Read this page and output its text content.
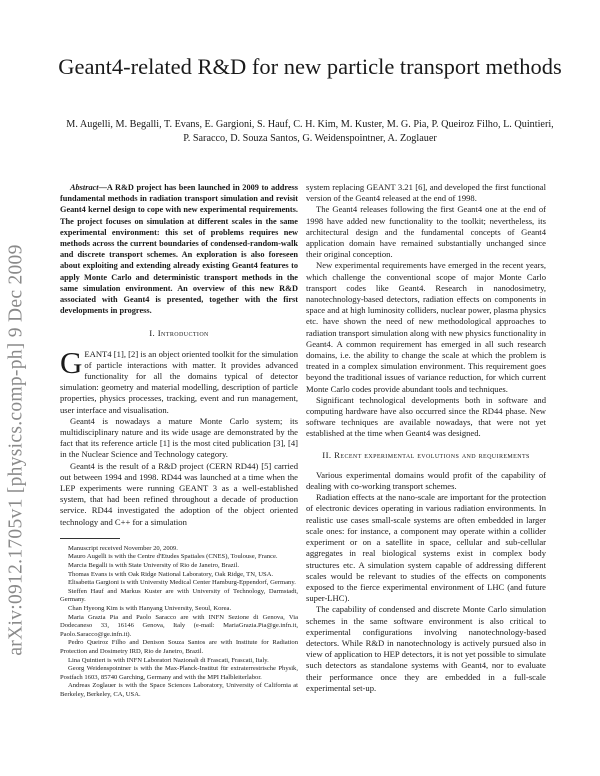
arXiv:0912.1705v1 [physics.comp-ph] 9 Dec 2009
Geant4-related R&D for new particle transport methods

M. Augelli, M. Begalli, T. Evans, E. Gargioni, S. Hauf, C. H. Kim, M. Kuster, M. G. Pia, P. Queiroz Filho, L. Quintieri, P. Saracco, D. Souza Santos, G. Weidenspointner, A. Zoglauer

Abstract—A R&D project has been launched in 2009 to address fundamental methods in radiation transport simulation and revisit Geant4 kernel design to cope with new experimental requirements. The project focuses on simulation at different scales in the same experimental environment: this set of problems requires new methods across the current boundaries of condensed-random-walk and discrete transport schemes. An exploration is also foreseen about exploiting and extending already existing Geant4 features to apply Monte Carlo and deterministic transport methods in the same simulation environment. An overview of this new R&D associated with Geant4 is presented, together with the first developments in progress.

I. Introduction

GEANT4 [1], [2] is an object oriented toolkit for the simulation of particle interactions with matter. It provides advanced functionality for all the domains typical of detector simulation: geometry and material modelling, description of particle properties, physics processes, tracking, event and run management, user interface and visualisation.

Geant4 is nowadays a mature Monte Carlo system; its multidisciplinary nature and its wide usage are demonstrated by the fact that its reference article [1] is the most cited publication [3], [4] in the Nuclear Science and Technology category.

Geant4 is the result of a R&D project (CERN RD44) [5] carried out between 1994 and 1998. RD44 was launched at a time when the LEP experiments were running GEANT 3 as a well-established system, that had been refined throughout a decade of production service. RD44 investigated the adoption of the object oriented technology and C++ for a simulation

Manuscript received November 20, 2009.

Mauro Augelli is with the Centre d'Etudes Spatiales (CNES), Toulouse, France.

Marcia Begalli is with State University of Rio de Janeiro, Brazil.

Thomas Evans is with Oak Ridge National Laboratory, Oak Ridge, TN, USA.

Elisabetta Gargioni is with University Medical Center Hamburg-Eppendorf, Germany.

Steffen Hauf and Markus Kuster are with University of Technology, Darmstadt, Germany.

Chan Hyeong Kim is with Hanyang University, Seoul, Korea.

Maria Grazia Pia and Paolo Saracco are with INFN Sezione di Genova, Via Dodecaneso 33, 16146 Genova, Italy (e-mail: MariaGrazia.Pia@ge.infn.it, Paolo.Saracco@ge.infn.it).

Pedro Queiroz Filho and Denison Souza Santos are with Institute for Radiation Protection and Dosimetry IRD, Rio de Janeiro, Brazil.

Lina Quintieri is with INFN Laboratori Nazionali di Frascati, Frascati, Italy.

Georg Weidenspointner is with the Max-Planck-Institut für extraterrestrische Physik, Postfach 1603, 85740 Garching, Germany and with the MPI Halbleiterlabor.

Andreas Zoglauer is with the Space Sciences Laboratory, University of California at Berkeley, Berkeley, CA, USA.

system replacing GEANT 3.21 [6], and developed the first functional version of the Geant4 released at the end of 1998.

The Geant4 releases following the first Geant4 one at the end of 1998 have added new functionality to the toolkit; nevertheless, its architectural design and the fundamental concepts of Geant4 application domain have remained substantially unchanged since their original conception.

New experimental requirements have emerged in the recent years, which challenge the conventional scope of major Monte Carlo transport codes like Geant4. Research in nanodosimetry, nanotechnology-based detectors, radiation effects on components in space and at high luminosity colliders, nuclear power, plasma physics etc. have shown the need of new methodological approaches to radiation transport simulation along with new physics functionality in Geant4. A common requirement has emerged in all such research domains, i.e. the ability to change the scale at which the problem is treated in a complex simulation environment. This requirement goes beyond the traditional issues of variance reduction, for which current Monte Carlo codes provide abundant tools and techniques.

Significant technological developments both in software and computing hardware have also occurred since the RD44 phase. New software techniques are available nowadays, that were not yet established at the time when Geant4 was designed.

II. Recent experimental evolutions and requirements

Various experimental domains would profit of the capability of dealing with co-working transport schemes.

Radiation effects at the nano-scale are important for the protection of electronic devices operating in various radiation environments. In realistic use cases small-scale systems are often embedded in larger scale ones: for instance, a component may operate within a collider experiment or on a satellite in space, cellular and sub-cellular aggregates in real biological systems exist in complex body structures etc. A simulation system capable of addressing different scales would be relevant to studies of the effects on components exposed to the fierce experimental environment of LHC (and future super-LHC).

The capability of condensed and discrete Monte Carlo simulation schemes in the same software environment is also critical to experimental configurations involving nanotechnology-based detectors. While R&D in nanotechnology is actively pursued also in view of application to HEP detectors, it is not yet possible to simulate such detectors as standalone systems with Geant4, nor to evaluate their performance once they are embedded in a full-scale experimental set-up.
